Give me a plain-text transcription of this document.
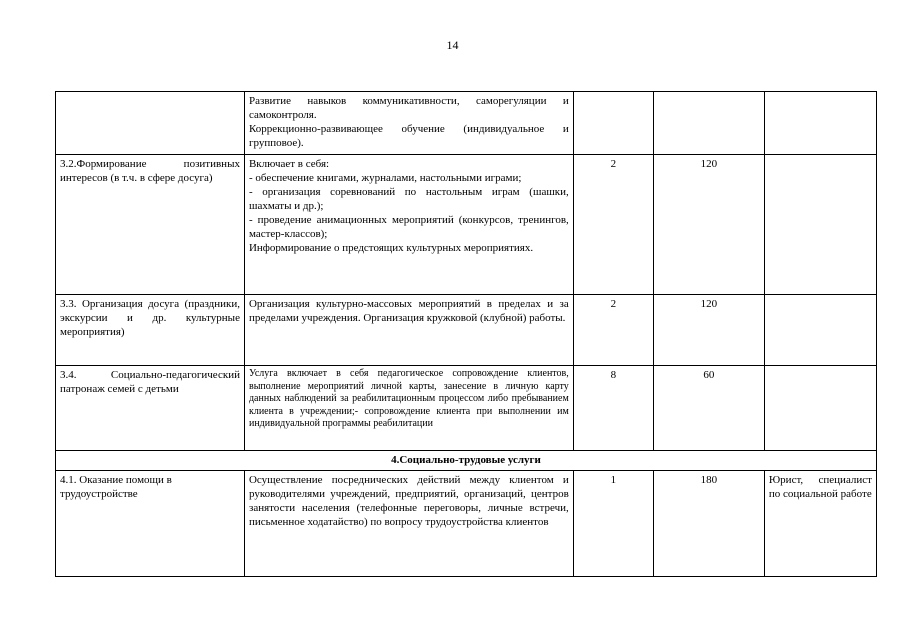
14

	Развитие навыков коммуникативности, саморегуляции и самоконтроля.
Коррекционно-развивающее обучение (индивидуальное и групповое).			

3.2.Формирование позитивных интересов (в т.ч. в сфере досуга)	Включает в себя:
- обеспечение книгами, журналами, настольными играми;
- организация соревнований по настольным играм (шашки, шахматы и др.);
- проведение анимационных мероприятий (конкурсов, тренингов, мастер-классов);
Информирование о предстоящих культурных мероприятиях.	2	120	
3.3. Организация досуга (праздники, экскурсии и др. культурные мероприятия)	Организация культурно-массовых мероприятий в пределах и за пределами учреждения. Организация кружковой (клубной) работы.	2	120	
3.4. Социально-педагогический патронаж семей с детьми	Услуга включает в себя педагогическое сопровождение клиентов, выполнение мероприятий личной карты, занесение в личную карту данных наблюдений за реабилитационным процессом либо пребыванием клиента в учреждении;- сопровождение клиента при выполнении им индивидуальной программы реабилитации	8	60	
4.Социально-трудовые услуги				
4.1. Оказание помощи в трудоустройстве	Осуществление посреднических действий между клиентом и руководителями учреждений, предприятий, организаций, центров занятости населения (телефонные переговоры, личные встречи, письменное ходатайство) по вопросу трудоустройства клиентов	1	180	Юрист, специалист по социальной работе
